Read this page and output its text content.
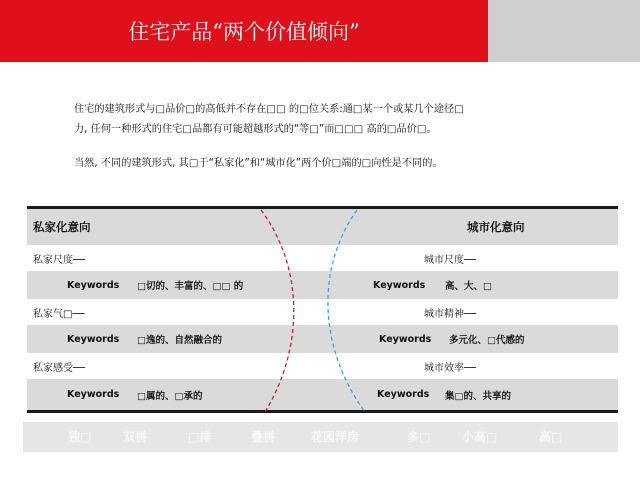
住宅产品“两个价值倾向”
住宅的建筑形式与□品价□的高低并不存在□□ 的□位关系:通□某一个或某几个途径□
力, 任何一种形式的住宅□品都有可能超越形式的“等□”而□□□ 高的□品价□。
当然, 不同的建筑形式, 其□于“私家化”和“城市化”两个价□端的□向性是不同的。
私家化意向	城市化意向
私家尺度──	城市尺度──
Keywords □切的、丰富的、□□ 的	Keywords 高、大、□
私家气□──	城市精神──
Keywords □逸的、自然融合的	Keywords 多元化、□代感的
私家感受──	城市效率──
Keywords □属的、□承的	Keywords 集□的、共享的
独□	双拼	□排	叠拼	花园洋房	多□	小高□	高□
